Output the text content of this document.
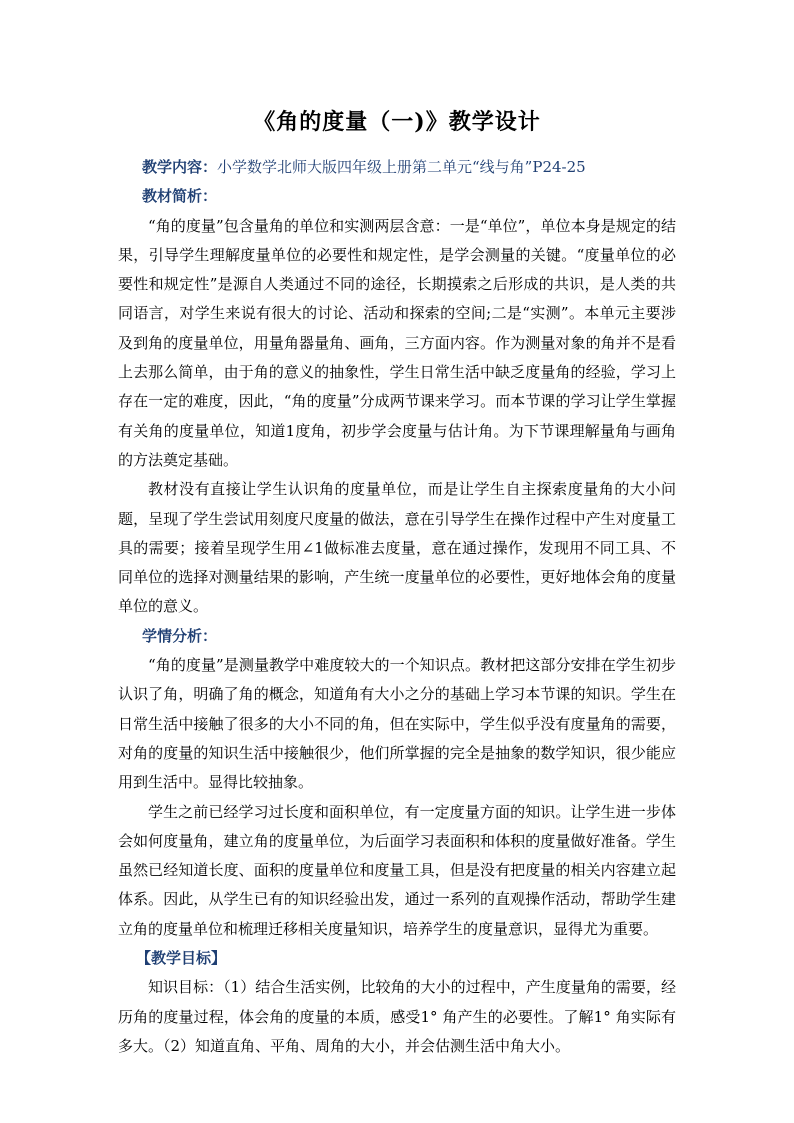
《角的度量（一)》教学设计

教学内容：小学数学北师大版四年级上册第二单元“线与角”P24-25

教材简析：

“角的度量”包含量角的单位和实测两层含意：一是“单位”，单位本身是规定的结果，引导学生理解度量单位的必要性和规定性，是学会测量的关键。“度量单位的必要性和规定性”是源自人类通过不同的途径，长期摸索之后形成的共识，是人类的共同语言，对学生来说有很大的讨论、活动和探索的空间;二是“实测”。本单元主要涉及到角的度量单位，用量角器量角、画角，三方面内容。作为测量对象的角并不是看上去那么简单，由于角的意义的抽象性，学生日常生活中缺乏度量角的经验，学习上存在一定的难度，因此，“角的度量”分成两节课来学习。而本节课的学习让学生掌握有关角的度量单位，知道1度角，初步学会度量与估计角。为下节课理解量角与画角的方法奠定基础。

教材没有直接让学生认识角的度量单位，而是让学生自主探索度量角的大小问题，呈现了学生尝试用刻度尺度量的做法，意在引导学生在操作过程中产生对度量工具的需要；接着呈现学生用∠1做标准去度量，意在通过操作，发现用不同工具、不同单位的选择对测量结果的影响，产生统一度量单位的必要性，更好地体会角的度量单位的意义。

学情分析：

“角的度量”是测量教学中难度较大的一个知识点。教材把这部分安排在学生初步认识了角，明确了角的概念，知道角有大小之分的基础上学习本节课的知识。学生在日常生活中接触了很多的大小不同的角，但在实际中，学生似乎没有度量角的需要，对角的度量的知识生活中接触很少，他们所掌握的完全是抽象的数学知识，很少能应用到生活中。显得比较抽象。

学生之前已经学习过长度和面积单位，有一定度量方面的知识。让学生进一步体会如何度量角，建立角的度量单位，为后面学习表面积和体积的度量做好准备。学生虽然已经知道长度、面积的度量单位和度量工具，但是没有把度量的相关内容建立起体系。因此，从学生已有的知识经验出发，通过一系列的直观操作活动，帮助学生建立角的度量单位和梳理迁移相关度量知识，培养学生的度量意识，显得尤为重要。

【教学目标】

知识目标：（1）结合生活实例，比较角的大小的过程中，产生度量角的需要，经历角的度量过程，体会角的度量的本质，感受1° 角产生的必要性。了解1° 角实际有多大。（2）知道直角、平角、周角的大小，并会估测生活中角大小。
